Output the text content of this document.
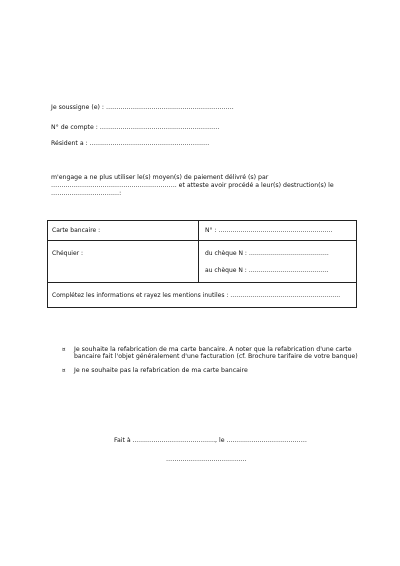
Je soussigne (e) : ……………………………………………………..
N° de compte : ………………………………………………….
Résident a : ………………………………………………….
m'engage a ne plus utiliser le(s) moyen(s) de paiement délivré (s) par
……………………………………………………. et atteste avoir procédé a leur(s) destruction(s) le
……………………………:
Carte bancaire :	N° : …………………………………………………
Chéquier :	du chèque N : ………………………………….
au chèque N : ………………………………….
Complétez les informations et rayez les mentions inutiles : ……………………………………………….
¤ Je souhaite la refabrication de ma carte bancaire. A noter que la refabrication d'une carte bancaire fait l'objet généralement d'une facturation (cf. Brochure tarifaire de votre banque)
¤ Je ne souhaite pas la refabrication de ma carte bancaire
Fait à …………………………………., le …………………………………
…………………………………
